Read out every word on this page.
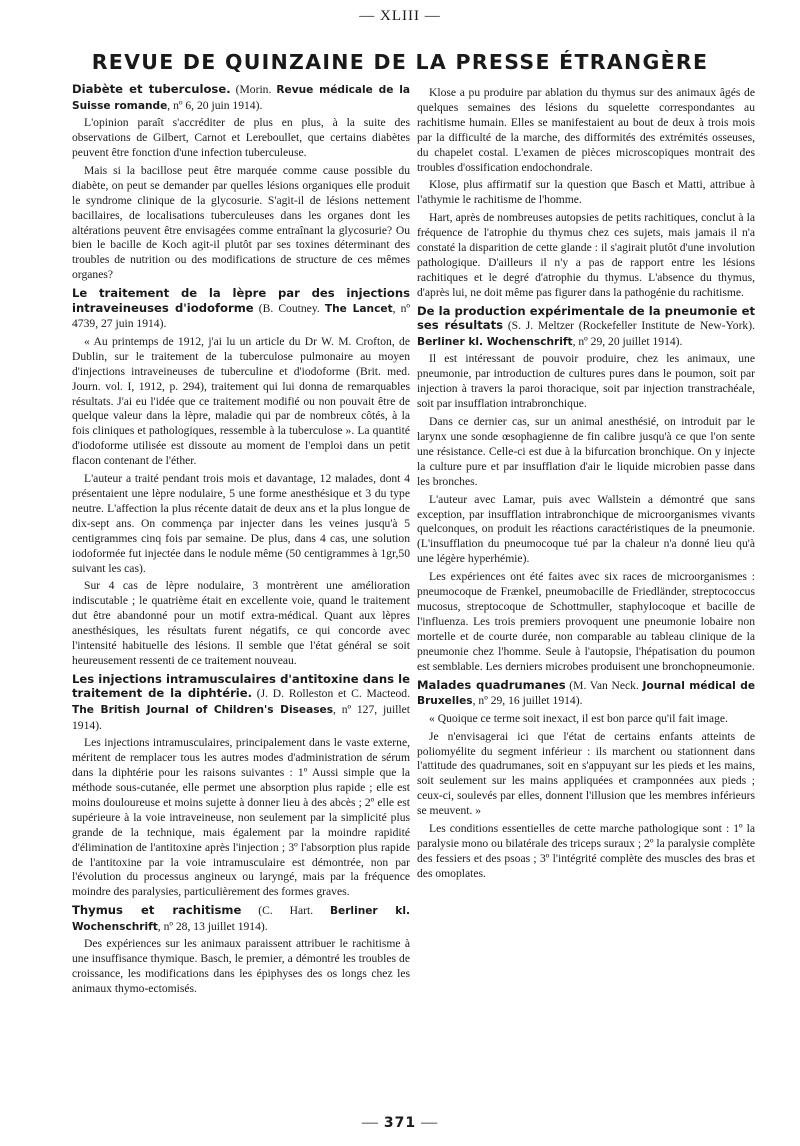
— XLIII —
REVUE DE QUINZAINE DE LA PRESSE ÉTRANGÈRE
Diabète et tuberculose. (Morin. Revue médicale de la Suisse romande, nº 6, 20 juin 1914).

L'opinion paraît s'accréditer de plus en plus, à la suite des observations de Gilbert, Carnot et Lereboullet, que certains diabètes peuvent être fonction d'une infection tuberculeuse.

Mais si la bacillose peut être marquée comme cause possible du diabète, on peut se demander par quelles lésions organiques elle produit le syndrome clinique de la glycosurie. S'agit-il de lésions nettement bacillaires, de localisations tuberculeuses dans les organes dont les altérations peuvent être envisagées comme entraînant la glycosurie? Ou bien le bacille de Koch agit-il plutôt par ses toxines déterminant des troubles de nutrition ou des modifications de structure de ces mêmes organes?

Le traitement de la lèpre par des injections intraveineuses d'iodoforme (B. Coutney. The Lancet, nº 4739, 27 juin 1914).

« Au printemps de 1912, j'ai lu un article du Dr W. M. Crofton, de Dublin, sur le traitement de la tuberculose pulmonaire au moyen d'injections intraveineuses de tuberculine et d'iodoforme (Brit. med. Journ. vol. I, 1912, p. 294), traitement qui lui donna de remarquables résultats. J'ai eu l'idée que ce traitement modifié ou non pouvait être de quelque valeur dans la lèpre, maladie qui par de nombreux côtés, à la fois cliniques et pathologiques, ressemble à la tuberculose ». La quantité d'iodoforme utilisée est dissoute au moment de l'emploi dans un petit flacon contenant de l'éther.

L'auteur a traité pendant trois mois et davantage, 12 malades, dont 4 présentaient une lèpre nodulaire, 5 une forme anesthésique et 3 du type neutre. L'affection la plus récente datait de deux ans et la plus longue de dix-sept ans. On commença par injecter dans les veines jusqu'à 5 centigrammes cinq fois par semaine. De plus, dans 4 cas, une solution iodoformée fut injectée dans le nodule même (50 centigrammes à 1gr,50 suivant les cas).

Sur 4 cas de lèpre nodulaire, 3 montrèrent une amélioration indiscutable ; le quatrième était en excellente voie, quand le traitement dut être abandonné pour un motif extra-médical. Quant aux lèpres anesthésiques, les résultats furent négatifs, ce qui concorde avec l'intensité habituelle des lésions. Il semble que l'état général se soit heureusement ressenti de ce traitement nouveau.

Les injections intramusculaires d'antitoxine dans le traitement de la diphtérie. (J. D. Rolleston et C. Macteod. The British Journal of Children's Diseases, nº 127, juillet 1914).

Les injections intramusculaires, principalement dans le vaste externe, méritent de remplacer tous les autres modes d'administration de sérum dans la diphtérie pour les raisons suivantes : 1º Aussi simple que la méthode sous-cutanée, elle permet une absorption plus rapide ; elle est moins douloureuse et moins sujette à donner lieu à des abcès ; 2º elle est supérieure à la voie intraveineuse, non seulement par la simplicité plus grande de la technique, mais également par la moindre rapidité d'élimination de l'antitoxine après l'injection ; 3º l'absorption plus rapide de l'antitoxine par la voie intramusculaire est démontrée, non par l'évolution du processus angineux ou laryngé, mais par la fréquence moindre des paralysies, particulièrement des formes graves.

Thymus et rachitisme (C. Hart. Berliner kl. Wochenschrift, nº 28, 13 juillet 1914).

Des expériences sur les animaux paraissent attribuer le rachitisme à une insuffisance thymique. Basch, le premier, a démontré les troubles de croissance, les modifications dans les épiphyses des os longs chez les animaux thymo-ectomisés.

Klose a pu produire par ablation du thymus sur des animaux âgés de quelques semaines des lésions du squelette correspondantes au rachitisme humain. Elles se manifestaient au bout de deux à trois mois par la difficulté de la marche, des difformités des extrémités osseuses, du chapelet costal. L'examen de pièces microscopiques montrait des troubles d'ossification endochondrale.

Klose, plus affirmatif sur la question que Basch et Matti, attribue à l'athymie le rachitisme de l'homme.

Hart, après de nombreuses autopsies de petits rachitiques, conclut à la fréquence de l'atrophie du thymus chez ces sujets, mais jamais il n'a constaté la disparition de cette glande : il s'agirait plutôt d'une involution pathologique. D'ailleurs il n'y a pas de rapport entre les lésions rachitiques et le degré d'atrophie du thymus. L'absence du thymus, d'après lui, ne doit même pas figurer dans la pathogénie du rachitisme.

De la production expérimentale de la pneumonie et ses résultats (S. J. Meltzer (Rockefeller Institute de New-York). Berliner kl. Wochenschrift, nº 29, 20 juillet 1914).

Il est intéressant de pouvoir produire, chez les animaux, une pneumonie, par introduction de cultures pures dans le poumon, soit par injection à travers la paroi thoracique, soit par injection transtrachéale, soit par insufflation intrabronchique.

Dans ce dernier cas, sur un animal anesthésié, on introduit par le larynx une sonde œsophagienne de fin calibre jusqu'à ce que l'on sente une résistance. Celle-ci est due à la bifurcation bronchique. On y injecte la culture pure et par insufflation d'air le liquide microbien passe dans les bronches.

L'auteur avec Lamar, puis avec Wallstein a démontré que sans exception, par insufflation intrabronchique de microorganismes vivants quelconques, on produit les réactions caractéristiques de la pneumonie. (L'insufflation du pneumocoque tué par la chaleur n'a donné lieu qu'à une légère hyperhémie).

Les expériences ont été faites avec six races de microorganismes : pneumocoque de Frænkel, pneumobacille de Friedländer, streptococcus mucosus, streptocoque de Schottmuller, staphylocoque et bacille de l'influenza. Les trois premiers provoquent une pneumonie lobaire non mortelle et de courte durée, non comparable au tableau clinique de la pneumonie chez l'homme. Seule à l'autopsie, l'hépatisation du poumon est semblable. Les derniers microbes produisent une bronchopneumonie.

Malades quadrumanes (M. Van Neck. Journal médical de Bruxelles, nº 29, 16 juillet 1914).

« Quoique ce terme soit inexact, il est bon parce qu'il fait image.

Je n'envisagerai ici que l'état de certains enfants atteints de poliomyélite du segment inférieur : ils marchent ou stationnent dans l'attitude des quadrumanes, soit en s'appuyant sur les pieds et les mains, soit seulement sur les mains appliquées et cramponnées aux pieds ; ceux-ci, soulevés par elles, donnent l'illusion que les membres inférieurs se meuvent. »

Les conditions essentielles de cette marche pathologique sont : 1º la paralysie mono ou bilatérale des triceps suraux ; 2º la paralysie complète des fessiers et des psoas ; 3º l'intégrité complète des muscles des bras et des omoplates.

— 371 —
